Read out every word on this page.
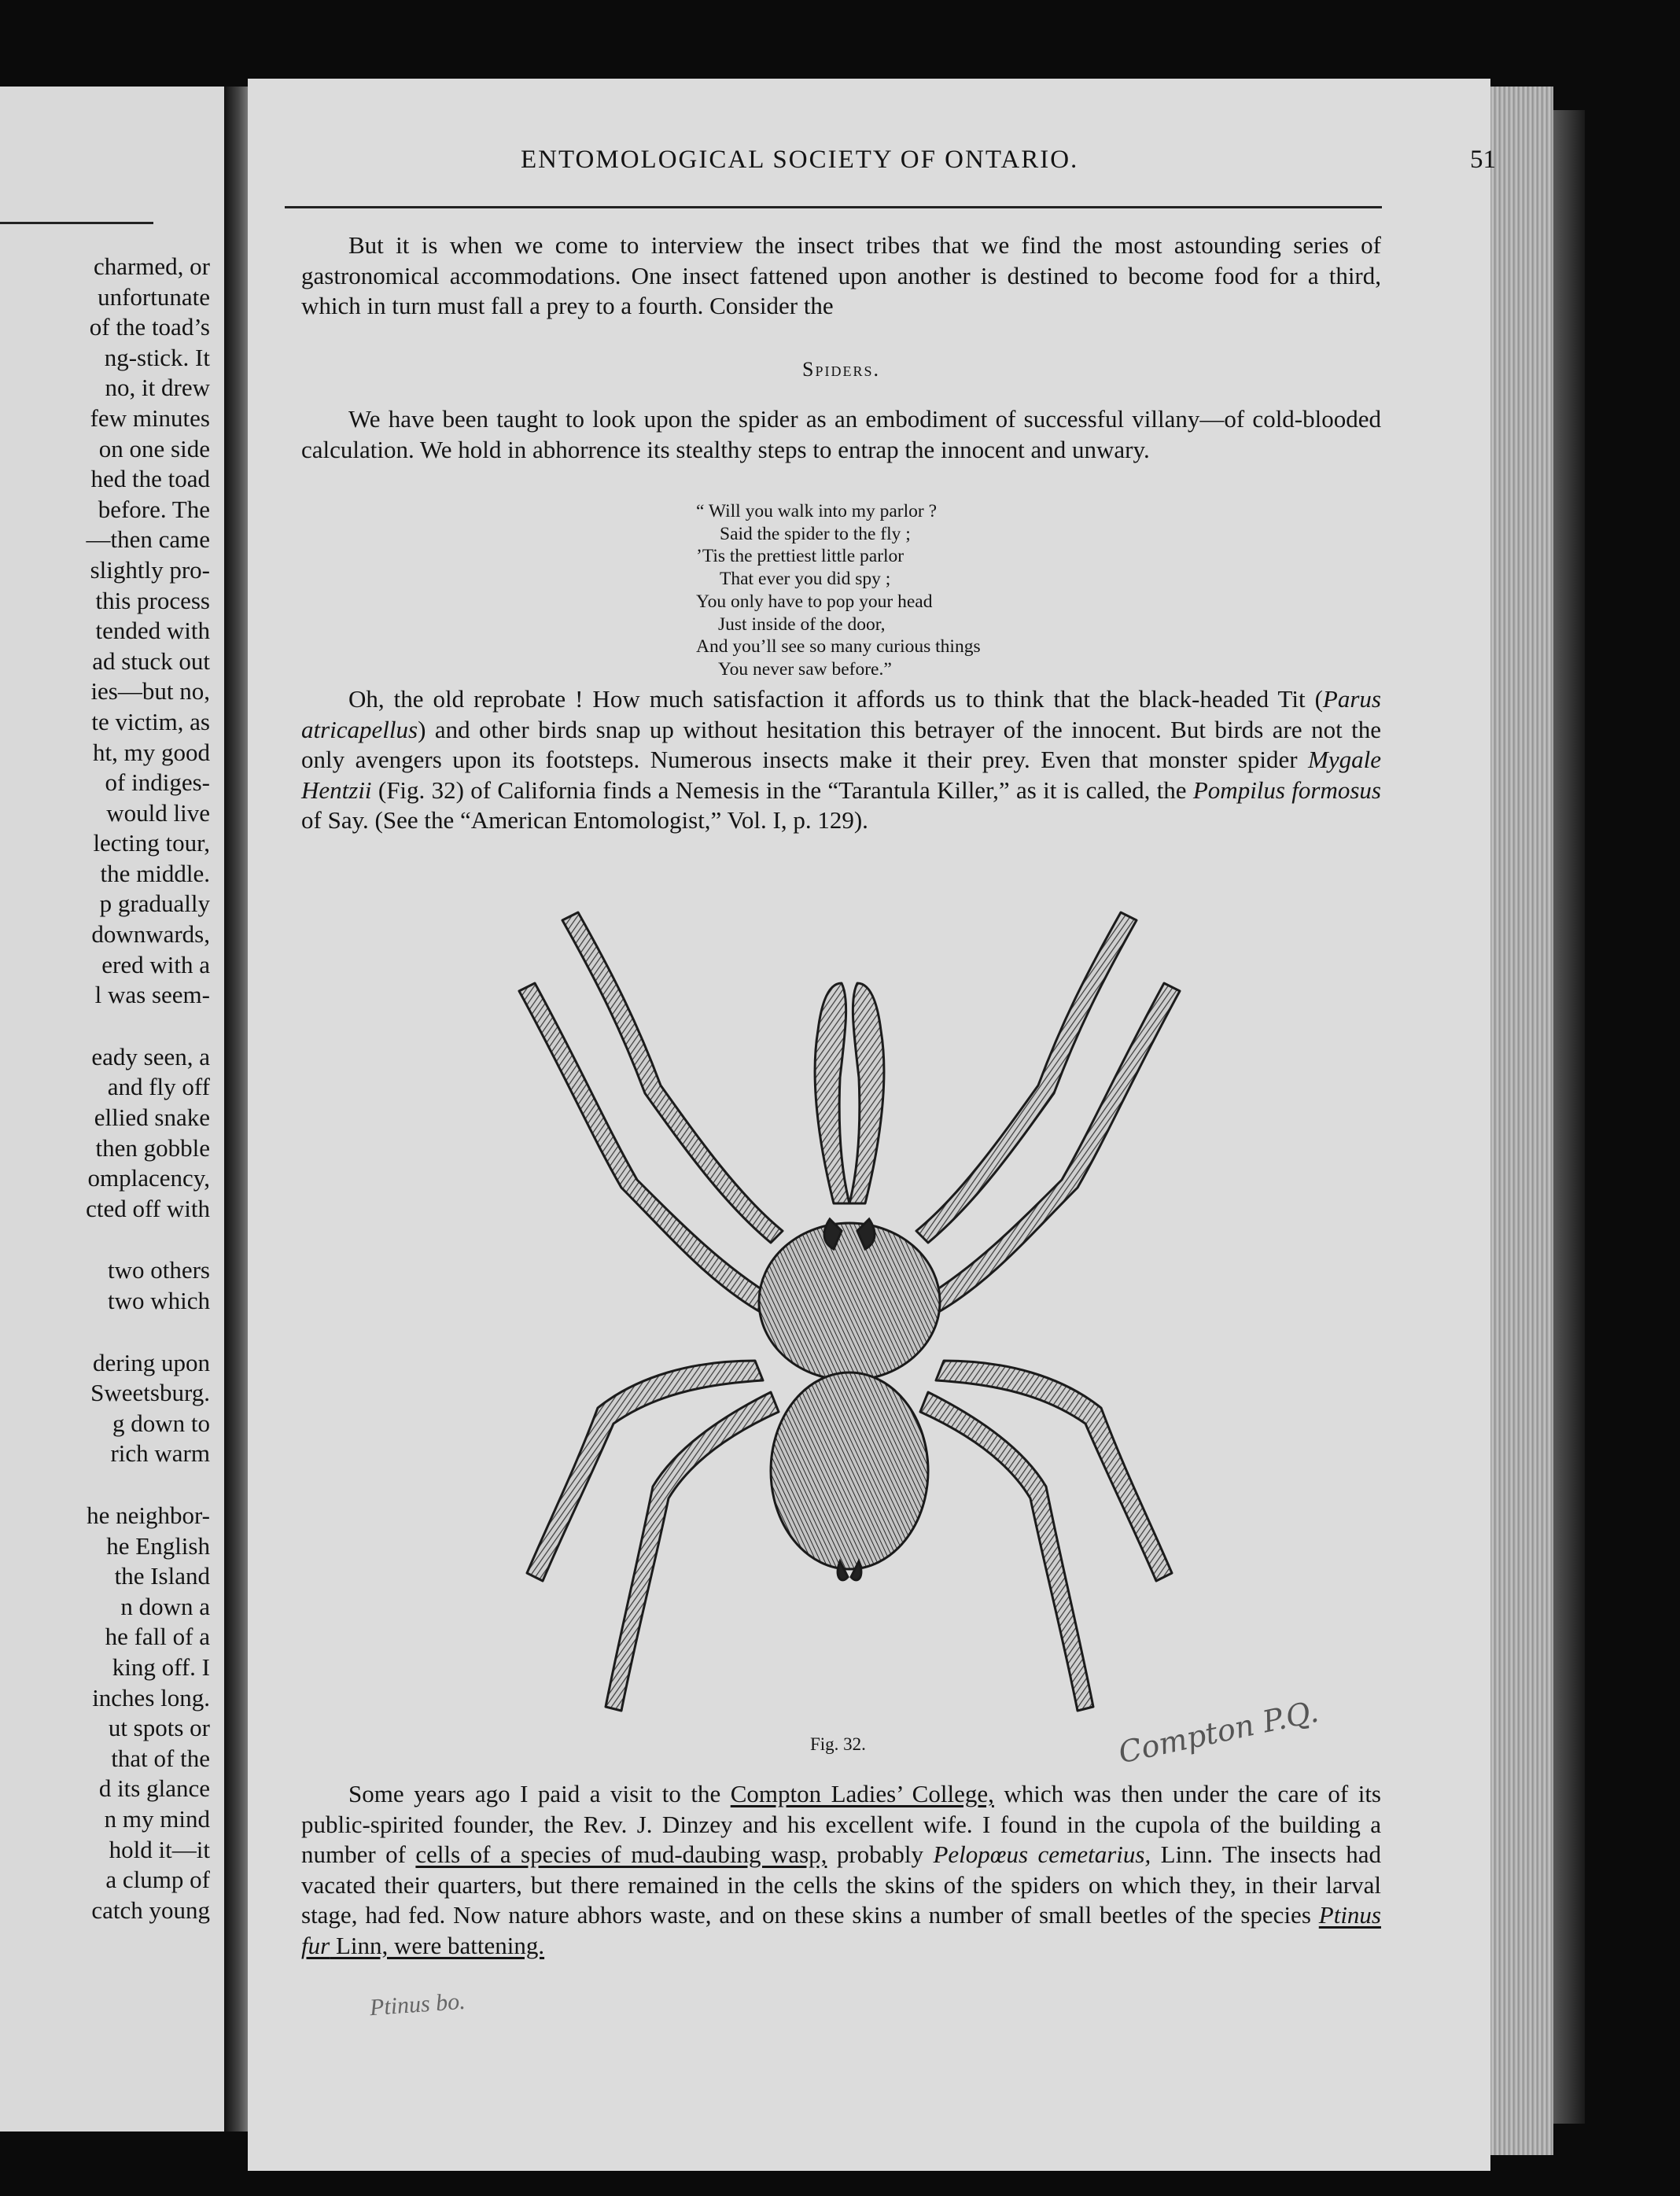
charmed, or
unfortunate
of the toad’s
ng-stick. It
no, it drew
few minutes
on one side
hed the toad
before. The
—then came
slightly pro-
this process
tended with
ad stuck out
ies—but no,
te victim, as
ht, my good
of indiges-
would live
lecting tour,
the middle.
p gradually
downwards,
ered with a
l was seem-
eady seen, a
and fly off
ellied snake
then gobble
omplacency,
cted off with
two others
two which
dering upon
Sweetsburg.
g down to
rich warm
he neighbor-
he English
the Island
n down a
he fall of a
king off. I
inches long.
ut spots or
that of the
d its glance
n my mind
hold it—it
a clump of
catch young
ENTOMOLOGICAL SOCIETY OF ONTARIO.	51

But it is when we come to interview the insect tribes that we find the most astounding series of gastronomical accommodations. One insect fattened upon another is destined to become food for a third, which in turn must fall a prey to a fourth. Consider the

Spiders.

We have been taught to look upon the spider as an embodiment of successful villany—of cold-blooded calculation. We hold in abhorrence its stealthy steps to entrap the innocent and unwary.

“ Will you walk into my parlor ?
Said the spider to the fly ;
’Tis the prettiest little parlor
That ever you did spy ;
You only have to pop your head
Just inside of the door,
And you’ll see so many curious things
You never saw before.”

Oh, the old reprobate ! How much satisfaction it affords us to think that the black-headed Tit (Parus atricapellus) and other birds snap up without hesitation this betrayer of the innocent. But birds are not the only avengers upon its footsteps. Numerous insects make it their prey. Even that monster spider Mygale Hentzii (Fig. 32) of California finds a Nemesis in the “Tarantula Killer,” as it is called, the Pompilus formosus of Say. (See the “American Entomologist,” Vol. I, p. 129).

Fig. 32.	Compton P.Q.

Some years ago I paid a visit to the Compton Ladies’ College, which was then under the care of its public-spirited founder, the Rev. J. Dinzey and his excellent wife. I found in the cupola of the building a number of cells of a species of mud-daubing wasp, probably Pelopœus cemetarius, Linn. The insects had vacated their quarters, but there remained in the cells the skins of the spiders on which they, in their larval stage, had fed. Now nature abhors waste, and on these skins a number of small beetles of the species Ptinus fur Linn, were battening.

Ptinus bo.
